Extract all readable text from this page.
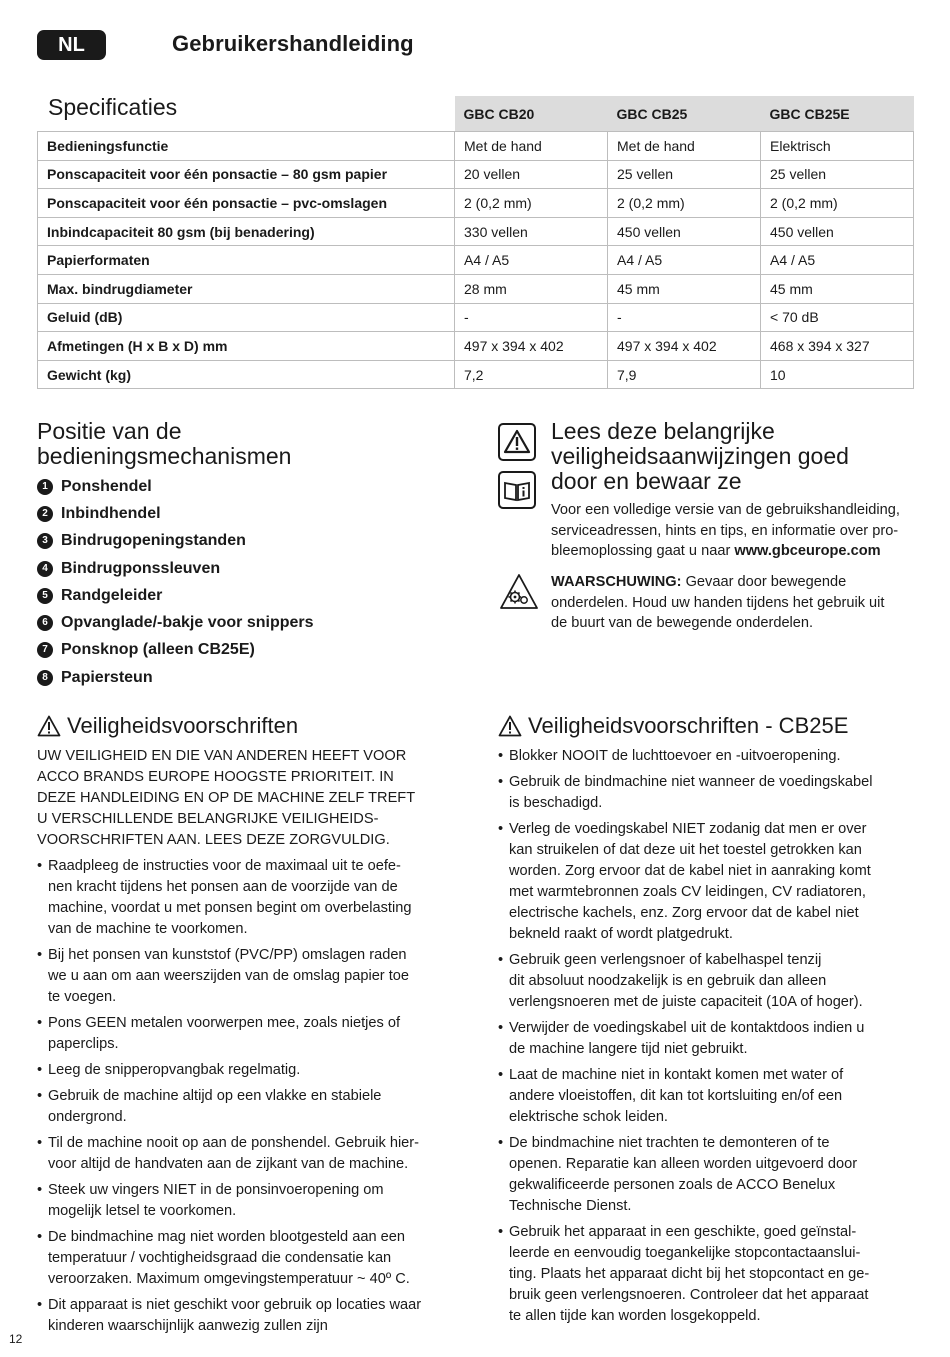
NL	Gebruikershandleiding
	GBC CB20	GBC CB25	GBC CB25E
Bedieningsfunctie	Met de hand	Met de hand	Elektrisch
Ponscapaciteit voor één ponsactie – 80 gsm papier	20 vellen	25 vellen	25 vellen
Ponscapaciteit voor één ponsactie – pvc-omslagen	2 (0,2 mm)	2 (0,2 mm)	2 (0,2 mm)
Inbindcapaciteit 80 gsm (bij benadering)	330 vellen	450 vellen	450 vellen
Papierformaten	A4 / A5	A4 / A5	A4 / A5
Max. bindrugdiameter	28 mm	45 mm	45 mm
Geluid (dB)	-	-	< 70 dB
Afmetingen (H x B x D) mm	497 x 394 x 402	497 x 394 x 402	468 x 394 x 327
Gewicht (kg)	7,2	7,9	10
Specificaties
Positie van de
bedieningsmechanismen
1 Ponshendel
2 Inbindhendel
3 Bindrugopeningstanden
4 Bindrugponssleuven
5 Randgeleider
6 Opvanglade/-bakje voor snippers
7 Ponsknop (alleen CB25E)
8 Papiersteun
Lees deze belangrijke
veiligheidsaanwijzingen goed
door en bewaar ze
Voor een volledige versie van de gebruikshandleiding,
serviceadressen, hints en tips, en informatie over pro-
bleemoplossing gaat u naar www.gbceurope.com
WAARSCHUWING: Gevaar door bewegende
onderdelen. Houd uw handen tijdens het gebruik uit
de buurt van de bewegende onderdelen.
Veiligheidsvoorschriften
UW VEILIGHEID EN DIE VAN ANDEREN HEEFT VOOR
ACCO BRANDS EUROPE HOOGSTE PRIORITEIT. IN
DEZE HANDLEIDING EN OP DE MACHINE ZELF TREFT
U VERSCHILLENDE BELANGRIJKE VEILIGHEIDS-
VOORSCHRIFTEN AAN. LEES DEZE ZORGVULDIG.
• Raadpleeg de instructies voor de maximaal uit te oefe-
nen kracht tijdens het ponsen aan de voorzijde van de
machine, voordat u met ponsen begint om overbelasting
van de machine te voorkomen.
• Bij het ponsen van kunststof (PVC/PP) omslagen raden
we u aan om aan weerszijden van de omslag papier toe
te voegen.
• Pons GEEN metalen voorwerpen mee, zoals nietjes of
paperclips.
• Leeg de snipperopvangbak regelmatig.
• Gebruik de machine altijd op een vlakke en stabiele
ondergrond.
• Til de machine nooit op aan de ponshendel. Gebruik hier-
voor altijd de handvaten aan de zijkant van de machine.
• Steek uw vingers NIET in de ponsinvoeropening om
mogelijk letsel te voorkomen.
• De bindmachine mag niet worden blootgesteld aan een
temperatuur / vochtigheidsgraad die condensatie kan
veroorzaken. Maximum omgevingstemperatuur ~ 40º C.
• Dit apparaat is niet geschikt voor gebruik op locaties waar
kinderen waarschijnlijk aanwezig zullen zijn
Veiligheidsvoorschriften - CB25E
• Blokker NOOIT de luchttoevoer en -uitvoeropening.
• Gebruik de bindmachine niet wanneer de voedingskabel
is beschadigd.
• Verleg de voedingskabel NIET zodanig dat men er over
kan struikelen of dat deze uit het toestel getrokken kan
worden. Zorg ervoor dat de kabel niet in aanraking komt
met warmtebronnen zoals CV leidingen, CV radiatoren,
electrische kachels, enz. Zorg ervoor dat de kabel niet
bekneld raakt of wordt platgedrukt.
• Gebruik geen verlengsnoer of kabelhaspel tenzij
dit absoluut noodzakelijk is en gebruik dan alleen
verlengsnoeren met de juiste capaciteit (10A of hoger).
• Verwijder de voedingskabel uit de kontaktdoos indien u
de machine langere tijd niet gebruikt.
• Laat de machine niet in kontakt komen met water of
andere vloeistoffen, dit kan tot kortsluiting en/of een
elektrische schok leiden.
• De bindmachine niet trachten te demonteren of te
openen. Reparatie kan alleen worden uitgevoerd door
gekwalificeerde personen zoals de ACCO Benelux
Technische Dienst.
• Gebruik het apparaat in een geschikte, goed geïnstal-
leerde en eenvoudig toegankelijke stopcontactaansluі-
ting. Plaats het apparaat dicht bij het stopcontact en ge-
bruik geen verlengsnoeren. Controleer dat het apparaat
te allen tijde kan worden losgekoppeld.
12
